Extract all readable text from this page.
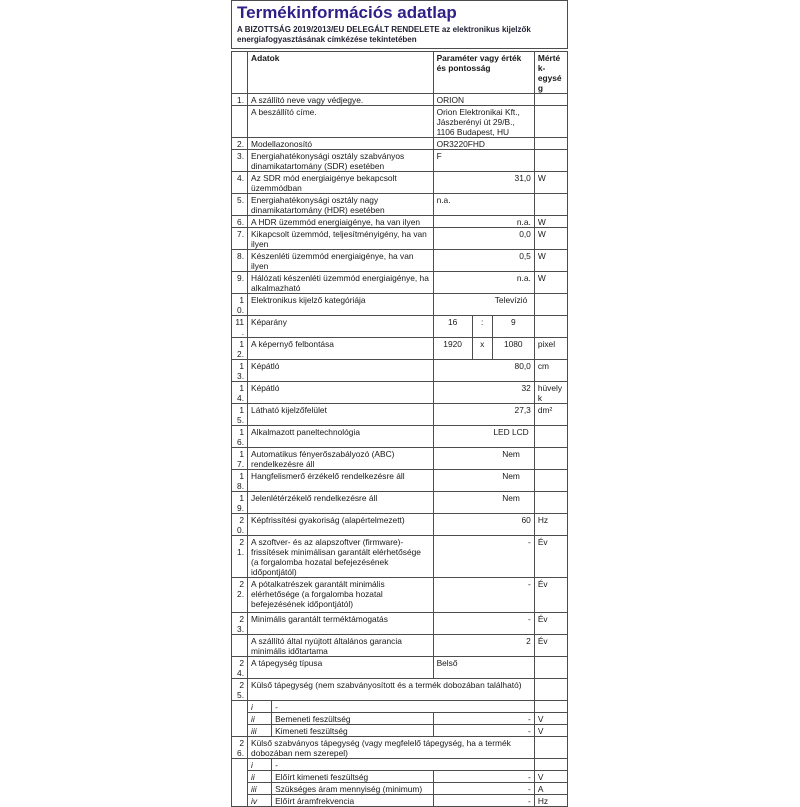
Termékinformációs adatlap
A BIZOTTSÁG 2019/2013/EU DELEGÁLT RENDELETE az elektronikus kijelzők energiafogyasztásának címkézése tekintetében
	Adatok		Paraméter vagy érték és pontosság			Mérték-egység
1.	A szállító neve vagy védjegye.		ORION			
	A beszállító címe.		Orion Elektronikai Kft., Jászberényi út 29/B., 1106 Budapest, HU			
2.	Modellazonosító		OR3220FHD			
3.	Energiahatékonysági osztály szabványos dinamikatartomány (SDR) esetében		F			
4.	Az SDR mód energiaigénye bekapcsolt üzemmódban		31,0			W
5.	Energiahatékonysági osztály nagy dinamikatartomány (HDR) esetében		n.a.			
6.	A HDR üzemmód energiaigénye, ha van ilyen		n.a.			W
7.	Kikapcsolt üzemmód, teljesítményigény, ha van ilyen		0,0			W
8.	Készenléti üzemmód energiaigénye, ha van ilyen		0,5			W
9.	Hálózati készenléti üzemmód energiaigénye, ha alkalmazható		n.a.			W
10.	Elektronikus kijelző kategóriája		Televízió			

11.	Képarány		16	:	9	
12.	A képernyő felbontása		1920	x	1080	pixel
13.	Képátló		80,0			cm
14.	Képátló		32			hüvelyk
15.	Látható kijelzőfelület		27,3			dm²
16.	Alkalmazott paneltechnológia		LED LCD			

17.	Automatikus fényerőszabályozó (ABC) rendelkezésre áll		Nem			

18.	Hangfelismerő érzékelő rendelkezésre áll		Nem			

19.	Jelenlétérzékelő rendelkezésre áll		Nem			

20.	Képfrissítési gyakoriság (alapértelmezett)		60			Hz
21.	A szoftver- és az alapszoftver (firmware)-frissítések minimálisan garantált elérhetősége (a forgalomba hozatal befejezésének időpontjától)		-			Év
22.	A pótalkatrészek garantált minimális elérhetősége (a forgalomba hozatal befejezésének időpontjától)		-			Év
23.	Minimális garantált terméktámogatás		-			Év
	A szállító által nyújtott általános garancia minimális időtartama		2			Év
24.	A tápegység típusa		Belső			
25.	Külső tápegység (nem szabványosított és a termék dobozában található)					
	i	-				
	ii	Bemeneti feszültség	-			V
	iii	Kimeneti feszültség	-			V
26.	Külső szabványos tápegység (vagy megfelelő tápegység, ha a termék dobozában nem szerepel)					
	i	-				
	ii	Előírt kimeneti feszültség	-			V
	iii	Szükséges áram mennyiség (minimum)	-			A
	iv	Előírt áramfrekvencia	-			Hz
